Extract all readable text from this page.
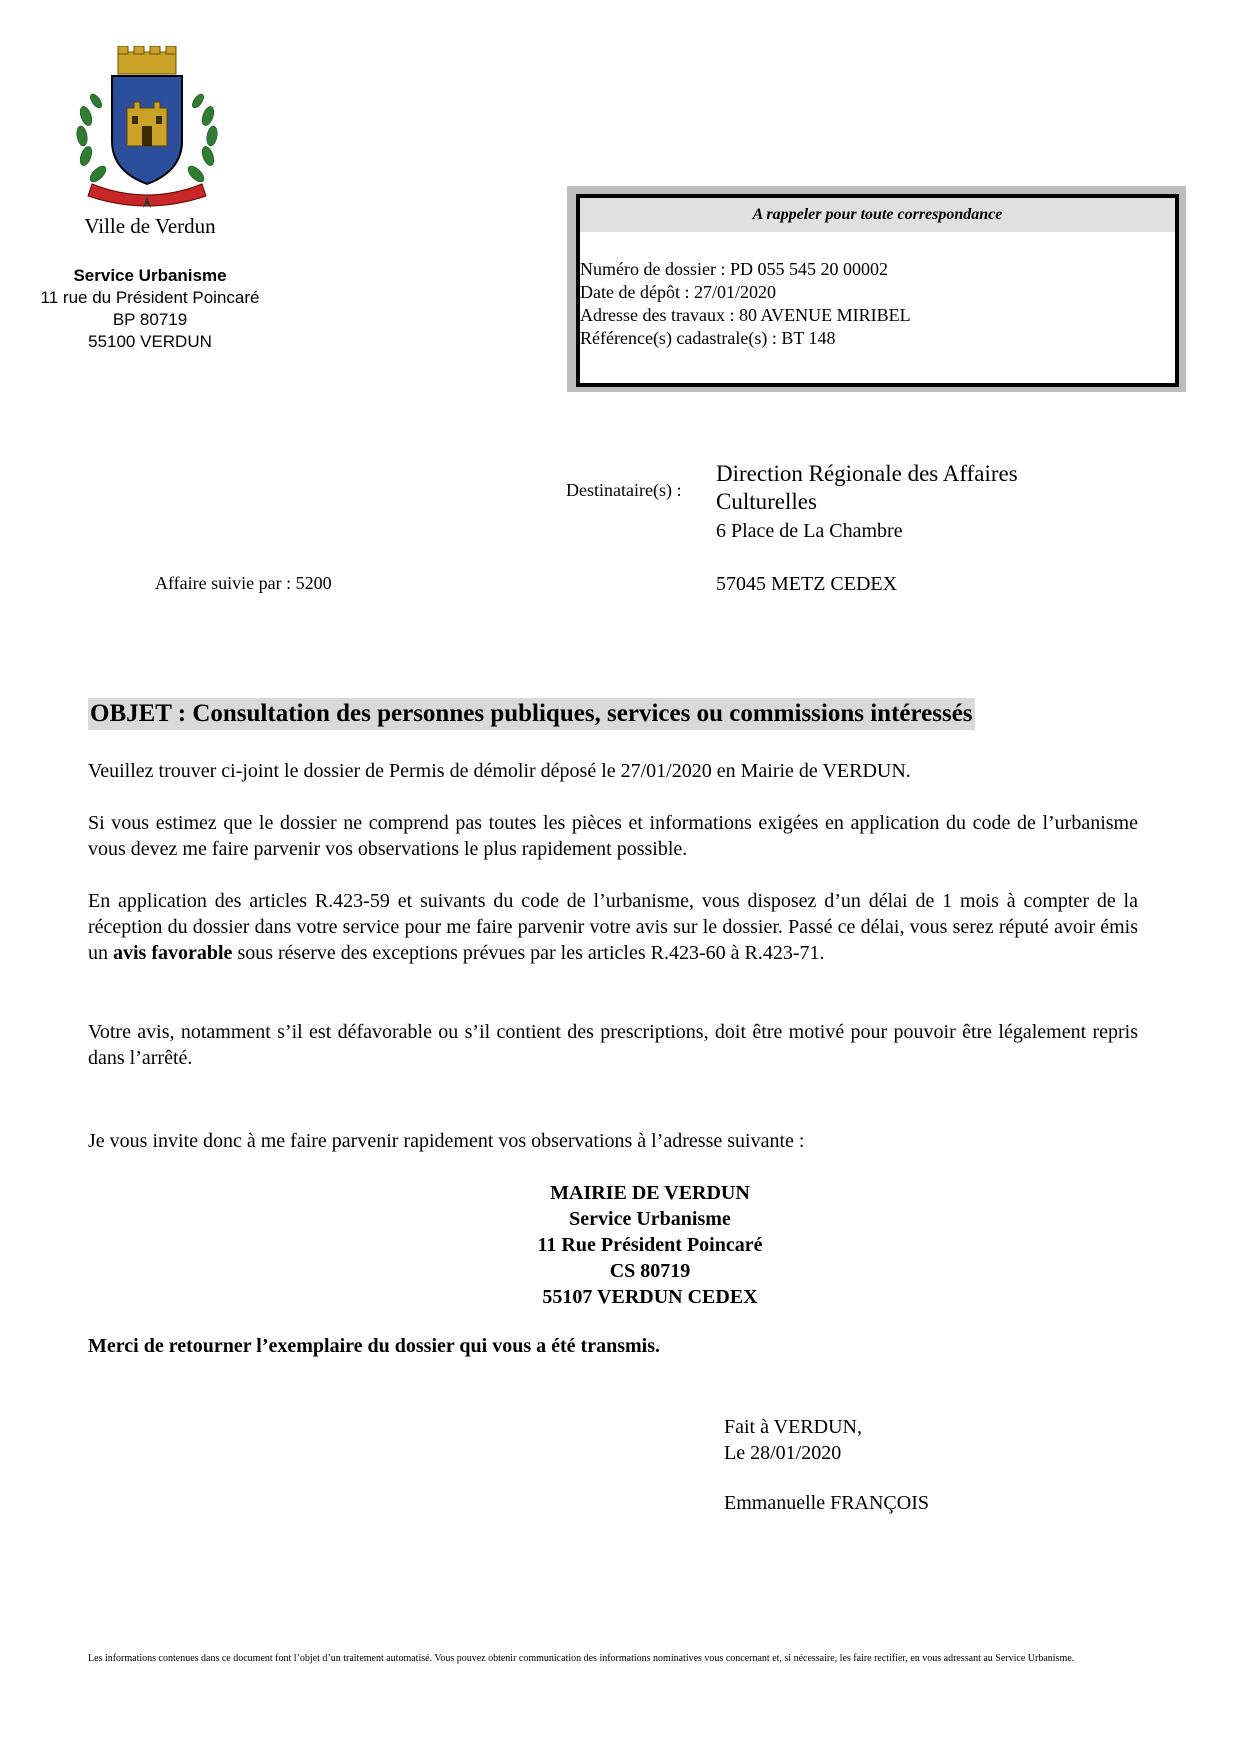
Ville de Verdun
Service Urbanisme
11 rue du Président Poincaré
BP 80719
55100 VERDUN
A rappeler pour toute correspondance
Numéro de dossier : PD 055 545 20 00002
Date de dépôt : 27/01/2020
Adresse des travaux : 80 AVENUE MIRIBEL
Référence(s) cadastrale(s) : BT 148
Destinataire(s) :
Direction Régionale des Affaires Culturelles
6 Place de La Chambre
57045 METZ CEDEX
Affaire suivie par : 5200
OBJET : Consultation des personnes publiques, services ou commissions intéressés
Veuillez trouver ci-joint le dossier de Permis de démolir déposé le 27/01/2020 en Mairie de VERDUN.
Si vous estimez que le dossier ne comprend pas toutes les pièces et informations exigées en application du code de l’urbanisme vous devez me faire parvenir vos observations le plus rapidement possible.
En application des articles R.423-59 et suivants du code de l’urbanisme, vous disposez d’un délai de 1 mois à compter de la réception du dossier dans votre service pour me faire parvenir votre avis sur le dossier. Passé ce délai, vous serez réputé avoir émis un avis favorable sous réserve des exceptions prévues par les articles R.423-60 à R.423-71.
Votre avis, notamment s’il est défavorable ou s’il contient des prescriptions, doit être motivé pour pouvoir être légalement repris dans l’arrêté.
Je vous invite donc à me faire parvenir rapidement vos observations à l’adresse suivante :
MAIRIE DE VERDUN
Service Urbanisme
11 Rue Président Poincaré
CS 80719
55107 VERDUN CEDEX
Merci de retourner l’exemplaire du dossier qui vous a été transmis.
Fait à VERDUN,
Le 28/01/2020
Emmanuelle FRANÇOIS
Les informations contenues dans ce document font l’objet d’un traitement automatisé. Vous pouvez obtenir communication des informations nominatives vous concernant et, si nécessaire, les faire rectifier, en vous adressant au Service Urbanisme.
